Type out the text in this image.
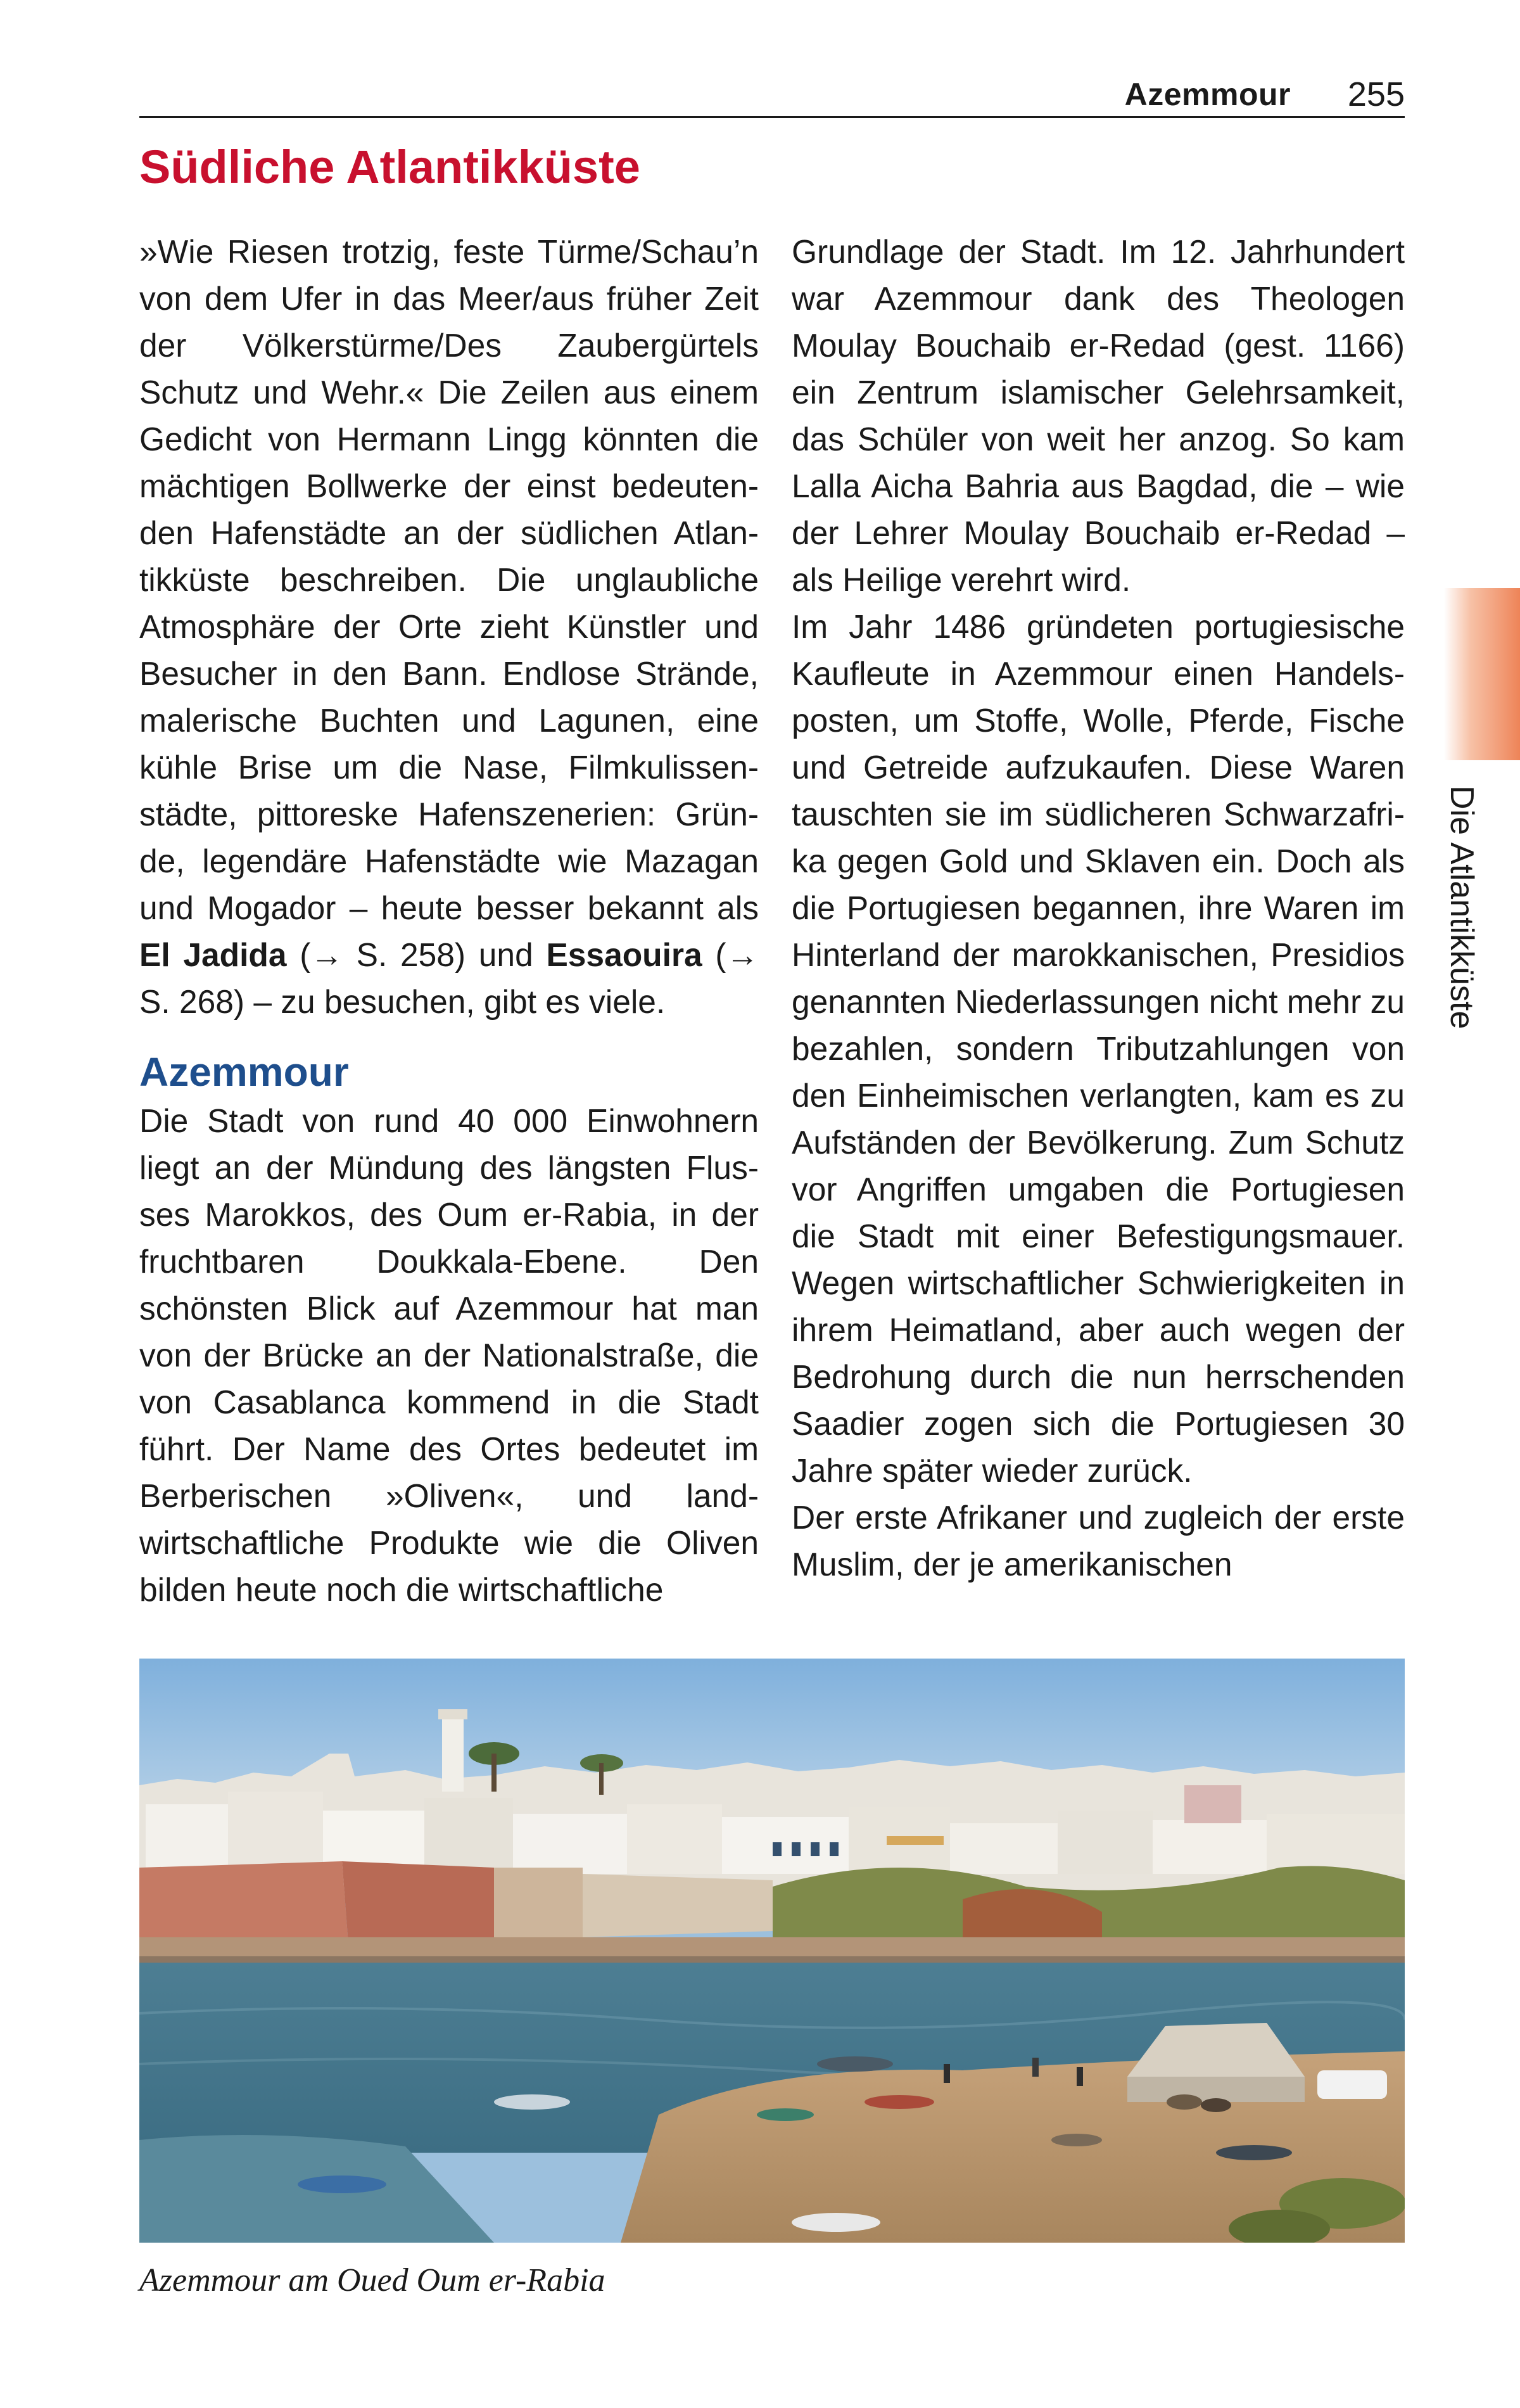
Azemmour 255
Südliche Atlantikküste

»Wie Riesen trotzig, feste Türme/Schau’n von dem Ufer in das Meer/aus früher Zeit der Völkerstürme/Des Zaubergürtels Schutz und Wehr.« Die Zeilen aus einem Gedicht von Hermann Lingg könnten die mächtigen Bollwerke der einst bedeutenden Hafenstädte an der südlichen Atlantikküste beschreiben. Die unglaubliche Atmosphäre der Orte zieht Künstler und Besucher in den Bann. Endlose Strände, malerische Buchten und Lagunen, eine kühle Brise um die Nase, Filmkulissenstädte, pittoreske Hafenszenerien: Gründe, legendäre Hafenstädte wie Mazagan und Mogador – heute besser bekannt als El Jadida (→ S. 258) und Essaouira (→ S. 268) – zu besuchen, gibt es viele.

Azemmour

Die Stadt von rund 40 000 Einwohnern liegt an der Mündung des längsten Flusses Marokkos, des Oum er-Rabia, in der fruchtbaren Doukkala-Ebene. Den schönsten Blick auf Azemmour hat man von der Brücke an der Nationalstraße, die von Casablanca kommend in die Stadt führt. Der Name des Ortes bedeutet im Berberischen »Oliven«, und landwirtschaftliche Produkte wie die Oliven bilden heute noch die wirtschaftliche

Grundlage der Stadt. Im 12. Jahrhundert war Azemmour dank des Theologen Moulay Bouchaib er-Redad (gest. 1166) ein Zentrum islamischer Gelehrsamkeit, das Schüler von weit her anzog. So kam Lalla Aicha Bahria aus Bagdad, die – wie der Lehrer Moulay Bouchaib er-Redad – als Heilige verehrt wird.

Im Jahr 1486 gründeten portugiesische Kaufleute in Azemmour einen Handelsposten, um Stoffe, Wolle, Pferde, Fische und Getreide aufzukaufen. Diese Waren tauschten sie im südlicheren Schwarzafrika gegen Gold und Sklaven ein. Doch als die Portugiesen begannen, ihre Waren im Hinterland der marokkanischen, Presidios genannten Niederlassungen nicht mehr zu bezahlen, sondern Tributzahlungen von den Einheimischen verlangten, kam es zu Aufständen der Bevölkerung. Zum Schutz vor Angriffen umgaben die Portugiesen die Stadt mit einer Befestigungsmauer. Wegen wirtschaftlicher Schwierigkeiten in ihrem Heimatland, aber auch wegen der Bedrohung durch die nun herrschenden Saadier zogen sich die Portugiesen 30 Jahre später wieder zurück.

Der erste Afrikaner und zugleich der erste Muslim, der je amerikanischen

Die Atlantikküste
Azemmour am Oued Oum er-Rabia
